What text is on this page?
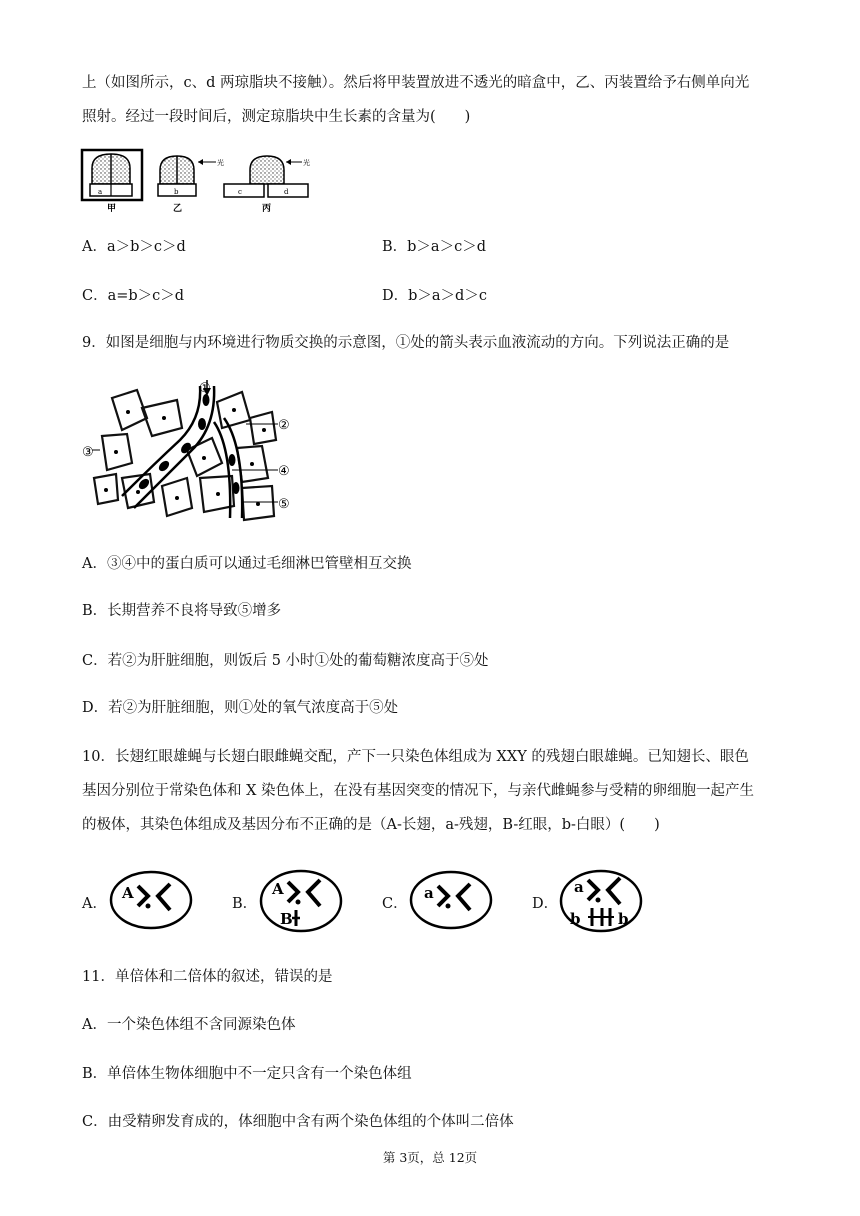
上（如图所示，c、d 两琼脂块不接触）。然后将甲装置放进不透光的暗盒中，乙、丙装置给予右侧单向光
照射。经过一段时间后，测定琼脂块中生长素的含量为(　　)
a	b
光
c	d
光
甲	乙	丙
A．a＞b＞c＞d	B．b＞a＞c＞d
C．a=b＞c＞d	D．b＞a＞d＞c
9．如图是细胞与内环境进行物质交换的示意图，①处的箭头表示血液流动的方向。下列说法正确的是
①
②
③
④
⑤
A．③④中的蛋白质可以通过毛细淋巴管壁相互交换
B．长期营养不良将导致⑤增多
C．若②为肝脏细胞，则饭后 5 小时①处的葡萄糖浓度高于⑤处
D．若②为肝脏细胞，则①处的氧气浓度高于⑤处
10．长翅红眼雄蝇与长翅白眼雌蝇交配，产下一只染色体组成为 XXY 的残翅白眼雄蝇。已知翅长、眼色
基因分别位于常染色体和 X 染色体上，在没有基因突变的情况下，与亲代雌蝇参与受精的卵细胞一起产生
的极体，其染色体组成及基因分布不正确的是（A-长翅，a-残翅，B-红眼，b-白眼）(　　)
A．
A
B．
A
B
C．
a
D．
a
b	b
11．单倍体和二倍体的叙述，错误的是
A．一个染色体组不含同源染色体
B．单倍体生物体细胞中不一定只含有一个染色体组
C．由受精卵发育成的，体细胞中含有两个染色体组的个体叫二倍体
第 3页，总 12页
